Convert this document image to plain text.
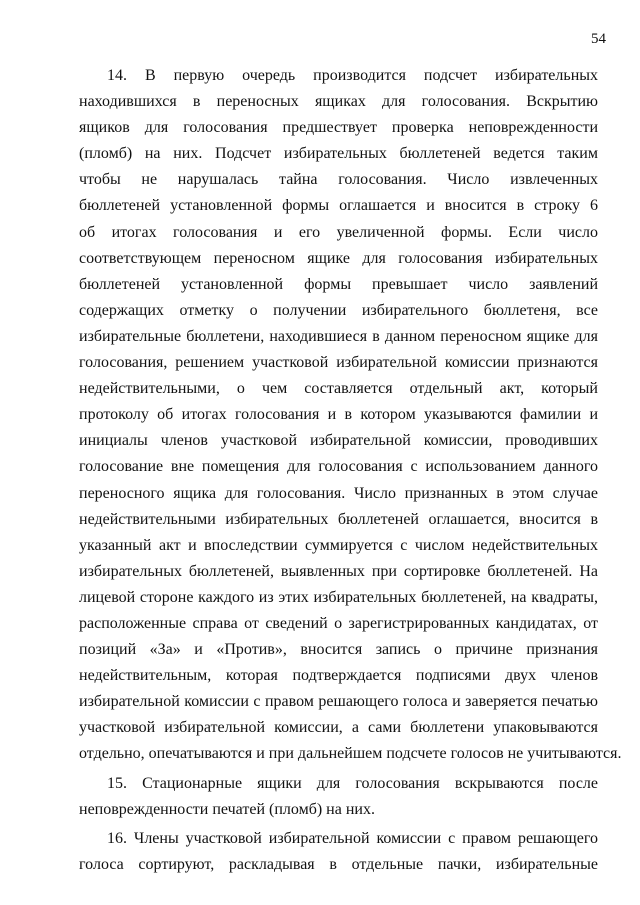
54
14. В первую очередь производится подсчет избирательных
находившихся в переносных ящиках для голосования. Вскрытию
ящиков для голосования предшествует проверка неповрежденности
(пломб) на них. Подсчет избирательных бюллетеней ведется таким
чтобы не нарушалась тайна голосования. Число извлеченных
бюллетеней установленной формы оглашается и вносится в строку 6
об итогах голосования и его увеличенной формы. Если число
соответствующем переносном ящике для голосования избирательных
бюллетеней установленной формы превышает число заявлений
содержащих отметку о получении избирательного бюллетеня, все
избирательные бюллетени, находившиеся в данном переносном ящике для
голосования, решением участковой избирательной комиссии признаются
недействительными, о чем составляется отдельный акт, который
протоколу об итогах голосования и в котором указываются фамилии и
инициалы членов участковой избирательной комиссии, проводивших
голосование вне помещения для голосования с использованием данного
переносного ящика для голосования. Число признанных в этом случае
недействительными избирательных бюллетеней оглашается, вносится в
указанный акт и впоследствии суммируется с числом недействительных
избирательных бюллетеней, выявленных при сортировке бюллетеней. На
лицевой стороне каждого из этих избирательных бюллетеней, на квадраты,
расположенные справа от сведений о зарегистрированных кандидатах, от
позиций «За» и «Против», вносится запись о причине признания
недействительным, которая подтверждается подписями двух членов
избирательной комиссии с правом решающего голоса и заверяется печатью
участковой избирательной комиссии, а сами бюллетени упаковываются
отдельно, опечатываются и при дальнейшем подсчете голосов не учитываются.
15. Стационарные ящики для голосования вскрываются после
неповрежденности печатей (пломб) на них.
16. Члены участковой избирательной комиссии с правом решающего
голоса сортируют, раскладывая в отдельные пачки, избирательные
